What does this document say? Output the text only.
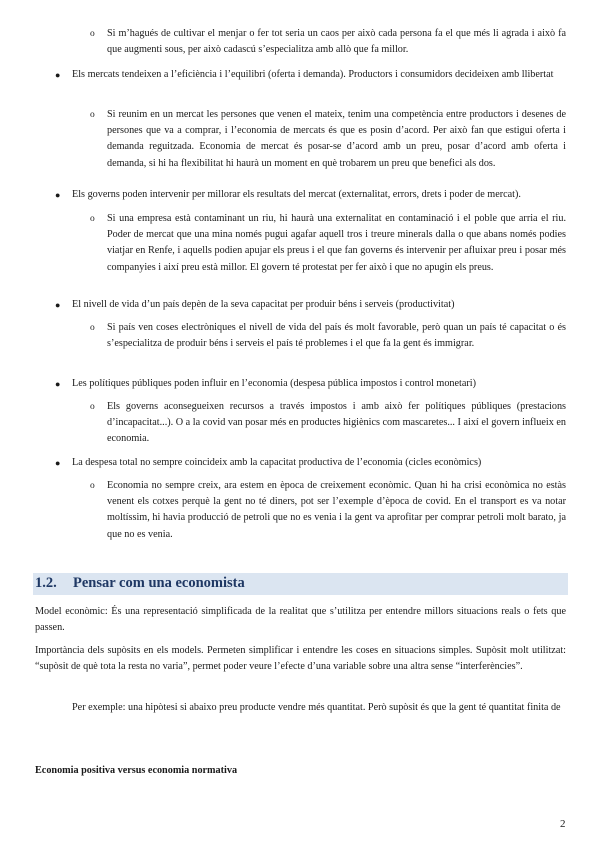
o Si m’hagués de cultivar el menjar o fer tot seria un caos per això cada persona fa el que més li agrada i això fa que augmenti sous, per això cadascú s’especialitza amb allò que fa millor.

● Els mercats tendeixen a l’eficiència i l’equilibri (oferta i demanda). Productors i consumidors decideixen amb llibertat

o Si reunim en un mercat les persones que venen el mateix, tenim una competència entre productors i desenes de persones que va a comprar, i l’economia de mercats és que es posin d’acord. Per això fan que estigui oferta i demanda reguitzada. Economia de mercat és posar-se d’acord amb un preu, posar d’acord amb oferta i demanda, si hi ha flexibilitat hi haurà un moment en què trobarem un preu que benefici als dos.

● Els governs poden intervenir per millorar els resultats del mercat (externalitat, errors, drets i poder de mercat).

o Si una empresa està contaminant un riu, hi haurà una externalitat en contaminació i el poble que arria el riu. Poder de mercat que una mina només pugui agafar aquell tros i treure minerals dalla o que abans només podies viatjar en Renfe, i aquells podien apujar els preus i el que fan governs és intervenir per afluixar preu i posar més companyies i així preu està millor. El govern té protestat per fer això i que no apugin els preus.

● El nivell de vida d’un país depèn de la seva capacitat per produir béns i serveis (productivitat)

o Si país ven coses electròniques el nivell de vida del país és molt favorable, però quan un país té capacitat o és s’especialitza de produir béns i serveis el país té problemes i el que fa la gent és immigrar.

● Les polítiques públiques poden influir en l’economia (despesa pública impostos i control monetari)

o Els governs aconsegueixen recursos a través impostos i amb això fer polítiques públiques (prestacions d’incapacitat...). O a la covid van posar més en productes higiènics com mascaretes... I així el govern influeix en economia.

● La despesa total no sempre coincideix amb la capacitat productiva de l’economia (cicles econòmics)

o Economia no sempre creix, ara estem en època de creixement econòmic. Quan hi ha crisi econòmica no estàs venent els cotxes perquè la gent no té diners, pot ser l’exemple d’època de covid. En el transport es va notar moltíssim, hi havia producció de petroli que no es venia i la gent va aprofitar per comprar petroli molt barato, ja que no es venia.

1.2. Pensar com una economista

Model econòmic: És una representació simplificada de la realitat que s’utilitza per entendre millors situacions reals o fets que passen.

Importància dels supòsits en els models. Permeten simplificar i entendre les coses en situacions simples. Supòsit molt utilitzat: “supòsit de què tota la resta no varia”, permet poder veure l’efecte d’una variable sobre una altra sense “interferències”.

Per exemple: una hipòtesi si abaixo preu producte vendre més quantitat. Però supòsit és que la gent té quantitat finita de

Economia positiva versus economia normativa

2
